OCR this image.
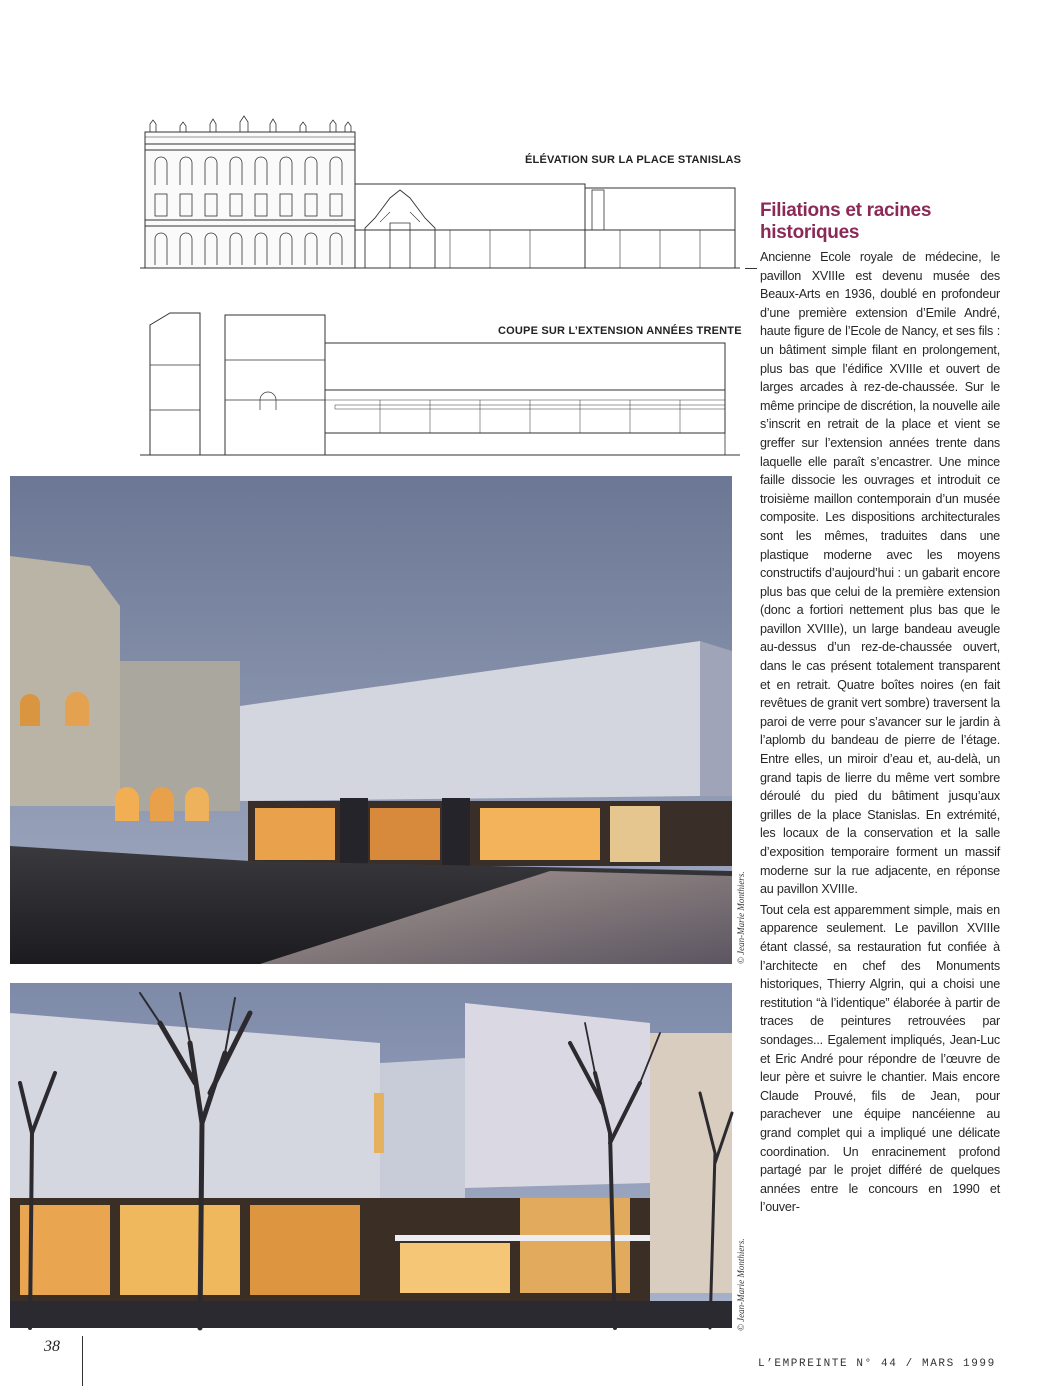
ÉLÉVATION SUR LA PLACE STANISLAS
COUPE SUR L’EXTENSION ANNÉES TRENTE
© Jean-Marie Monthiers.
© Jean-Marie Monthiers.
Filiations et racines historiques

Ancienne Ecole royale de médecine, le pavillon XVIIIe est devenu musée des Beaux-Arts en 1936, doublé en profondeur d’une première extension d’Emile André, haute figure de l’Ecole de Nancy, et ses fils : un bâtiment simple filant en prolongement, plus bas que l’édifice XVIIIe et ouvert de larges arcades à rez-de-chaussée. Sur le même principe de discrétion, la nouvelle aile s’inscrit en retrait de la place et vient se greffer sur l’extension années trente dans laquelle elle paraît s’encastrer. Une mince faille dissocie les ouvrages et introduit ce troisième maillon contemporain d’un musée composite. Les dispositions architecturales sont les mêmes, traduites dans une plastique moderne avec les moyens constructifs d’aujourd’hui : un gabarit encore plus bas que celui de la première extension (donc a fortiori nettement plus bas que le pavillon XVIIIe), un large bandeau aveugle au-dessus d’un rez-de-chaussée ouvert, dans le cas présent totalement transparent et en retrait. Quatre boîtes noires (en fait revêtues de granit vert sombre) traversent la paroi de verre pour s’avancer sur le jardin à l’aplomb du bandeau de pierre de l’étage. Entre elles, un miroir d’eau et, au-delà, un grand tapis de lierre du même vert sombre déroulé du pied du bâtiment jusqu’aux grilles de la place Stanislas. En extrémité, les locaux de la conservation et la salle d’exposition temporaire forment un massif moderne sur la rue adjacente, en réponse au pavillon XVIIIe.

Tout cela est apparemment simple, mais en apparence seulement. Le pavillon XVIIIe étant classé, sa restauration fut confiée à l’architecte en chef des Monuments historiques, Thierry Algrin, qui a choisi une restitution “à l’identique” élaborée à partir de traces de peintures retrouvées par sondages... Egalement impliqués, Jean-Luc et Eric André pour répondre de l’œuvre de leur père et suivre le chantier. Mais encore Claude Prouvé, fils de Jean, pour parachever une équipe nancéienne au grand complet qui a impliqué une délicate coordination. Un enracinement profond partagé par le projet différé de quelques années entre le concours en 1990 et l’ouver-

38
L’EMPREINTE N° 44 / MARS 1999
